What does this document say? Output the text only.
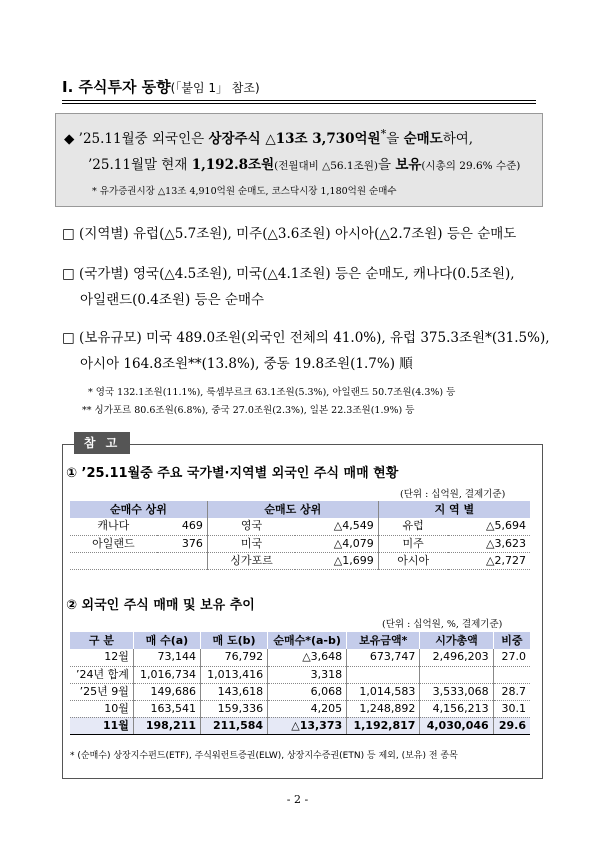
Ⅰ. 주식투자 동향(「붙임 1」 참조)
◆ ’25.11월중 외국인은 상장주식 △13조 3,730억원*을 순매도하여,
’25.11월말 현재 1,192.8조원(전월대비 △56.1조원)을 보유(시총의 29.6% 수준)
* 유가증권시장 △13조 4,910억원 순매도, 코스닥시장 1,180억원 순매수
□ (지역별) 유럽(△5.7조원), 미주(△3.6조원) 아시아(△2.7조원) 등은 순매도
□ (국가별) 영국(△4.5조원), 미국(△4.1조원) 등은 순매도, 캐나다(0.5조원),
아일랜드(0.4조원) 등은 순매수
□ (보유규모) 미국 489.0조원(외국인 전체의 41.0%), 유럽 375.3조원*(31.5%),
아시아 164.8조원**(13.8%), 중동 19.8조원(1.7%) 順
* 영국 132.1조원(11.1%), 룩셈부르크 63.1조원(5.3%), 아일랜드 50.7조원(4.3%) 등
** 싱가포르 80.6조원(6.8%), 중국 27.0조원(2.3%), 일본 22.3조원(1.9%) 등
참 고
① ’25.11월중 주요 국가별·지역별 외국인 주식 매매 현황
(단위 : 십억원, 결제기준)
순매수 상위		순매도 상위		지 역 별	
캐나다	469	영국	△4,549	유럽	△5,694
아일랜드	376	미국	△4,079	미주	△3,623
		싱가포르	△1,699	아시아	△2,727
② 외국인 주식 매매 및 보유 추이
(단위 : 십억원, %, 결제기준)
구 분	매 수(a)	매 도(b)	순매수*(a-b)	보유금액*	시가총액	비중
12월	73,144	76,792	△3,648	673,747	2,496,203	27.0
’24년 합계	1,016,734	1,013,416	3,318			
’25년 9월	149,686	143,618	6,068	1,014,583	3,533,068	28.7
10월	163,541	159,336	4,205	1,248,892	4,156,213	30.1
11월	198,211	211,584	△13,373	1,192,817	4,030,046	29.6
* (순매수) 상장지수펀드(ETF), 주식워런트증권(ELW), 상장지수증권(ETN) 등 제외, (보유) 전 종목
- 2 -
